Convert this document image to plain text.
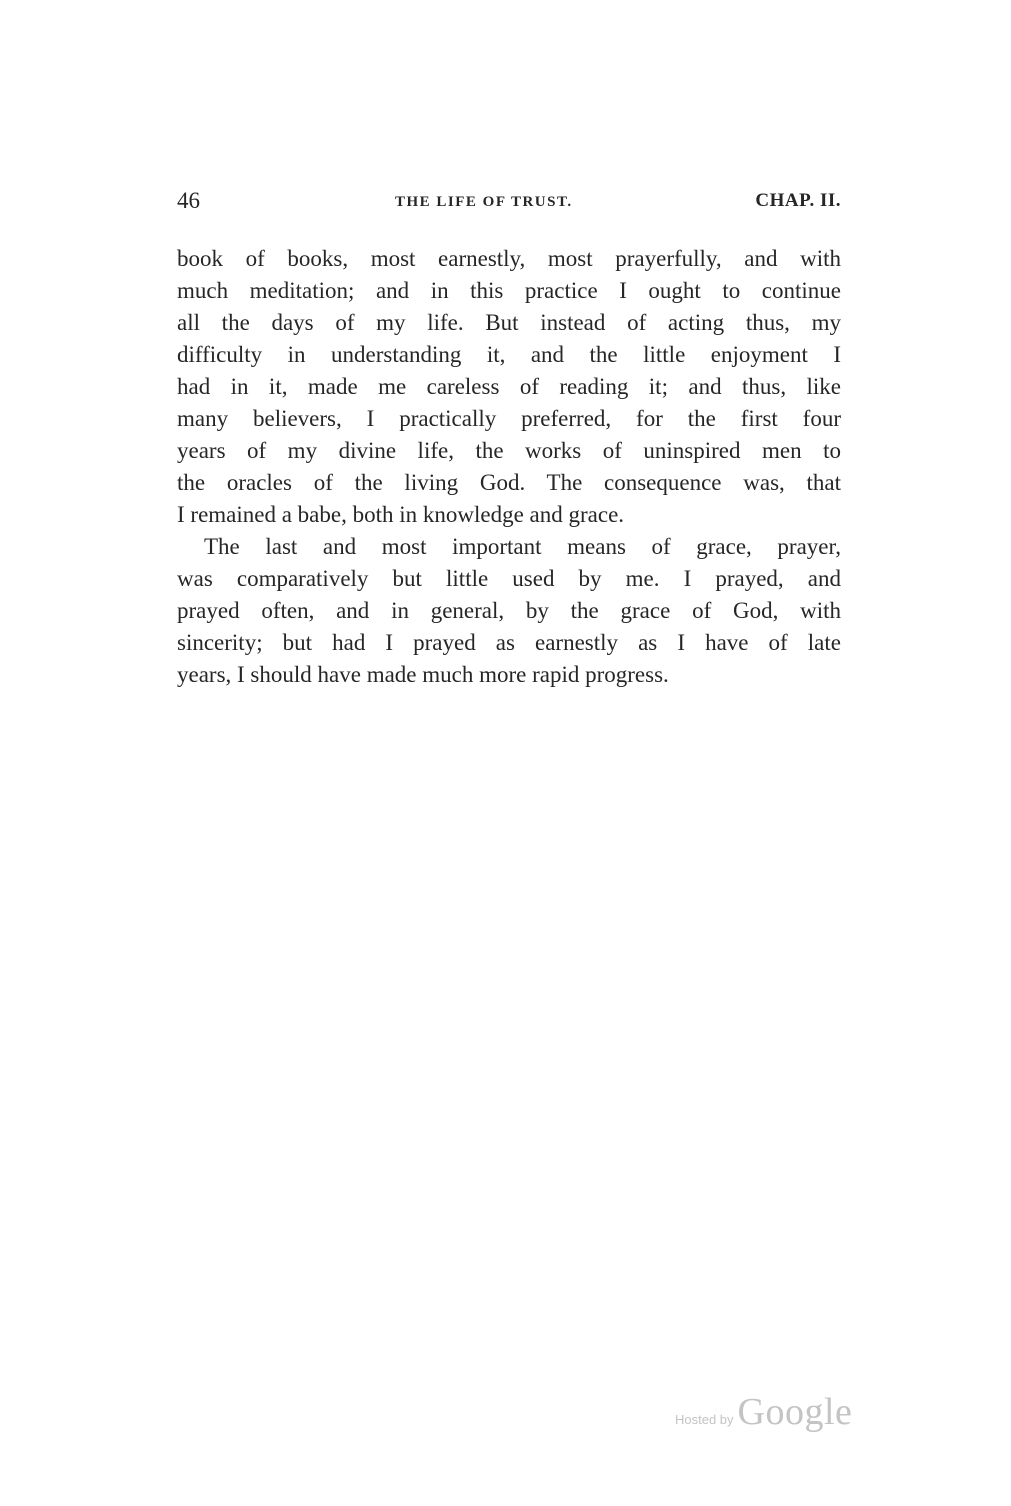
46	THE LIFE OF TRUST.	CHAP. II.
book of books, most earnestly, most prayerfully, and with
much meditation; and in this practice I ought to continue
all the days of my life. But instead of acting thus, my
difficulty in understanding it, and the little enjoyment I
had in it, made me careless of reading it; and thus, like
many believers, I practically preferred, for the first four
years of my divine life, the works of uninspired men to
the oracles of the living God. The consequence was, that
I remained a babe, both in knowledge and grace.
The last and most important means of grace, prayer,
was comparatively but little used by me. I prayed, and
prayed often, and in general, by the grace of God, with
sincerity; but had I prayed as earnestly as I have of late
years, I should have made much more rapid progress.
Hosted by Google
